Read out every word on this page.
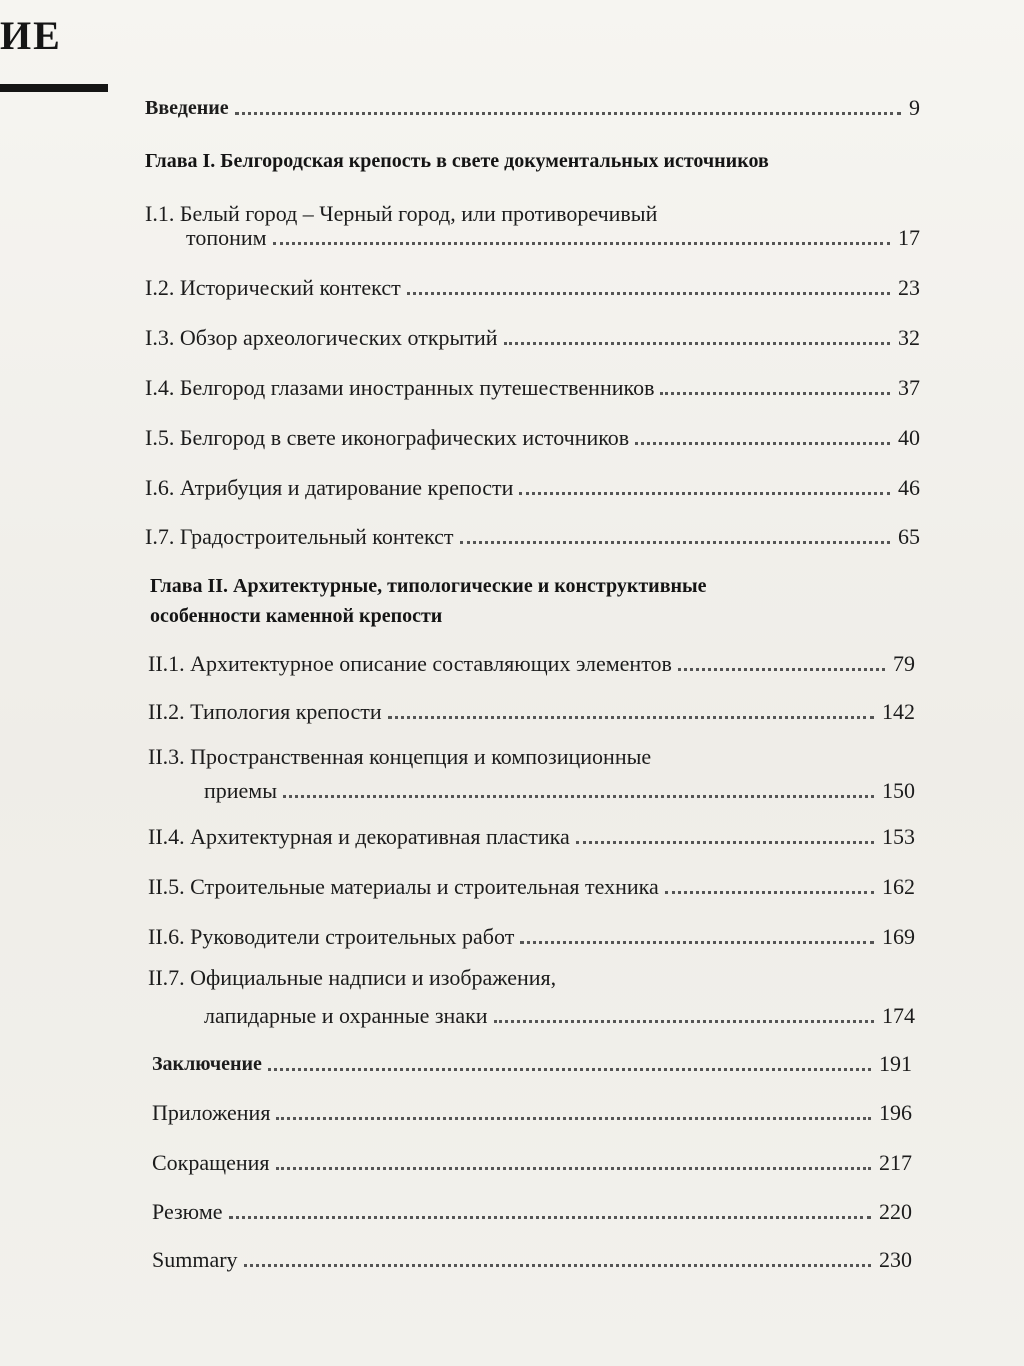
ИЕ
Введение	9
Глава I. Белгородская крепость в свете документальных источников
I.1. Белый город – Черный город, или противоречивый
топоним	17
I.2. Исторический контекст	23
I.3. Обзор археологических открытий	32
I.4. Белгород глазами иностранных путешественников	37
I.5. Белгород в свете иконографических источников	40
I.6. Атрибуция и датирование крепости	46
I.7. Градостроительный контекст	65
Глава II. Архитектурные, типологические и конструктивные
особенности каменной крепости
II.1. Архитектурное описание составляющих элементов	79
II.2. Типология крепости	142
II.3. Пространственная концепция и композиционные
приемы	150
II.4. Архитектурная и декоративная пластика	153
II.5. Строительные материалы и строительная техника	162
II.6. Руководители строительных работ	169
II.7. Официальные надписи и изображения,
лапидарные и охранные знаки	174
Заключение	191
Приложения	196
Сокращения	217
Резюме	220
Summary	230
